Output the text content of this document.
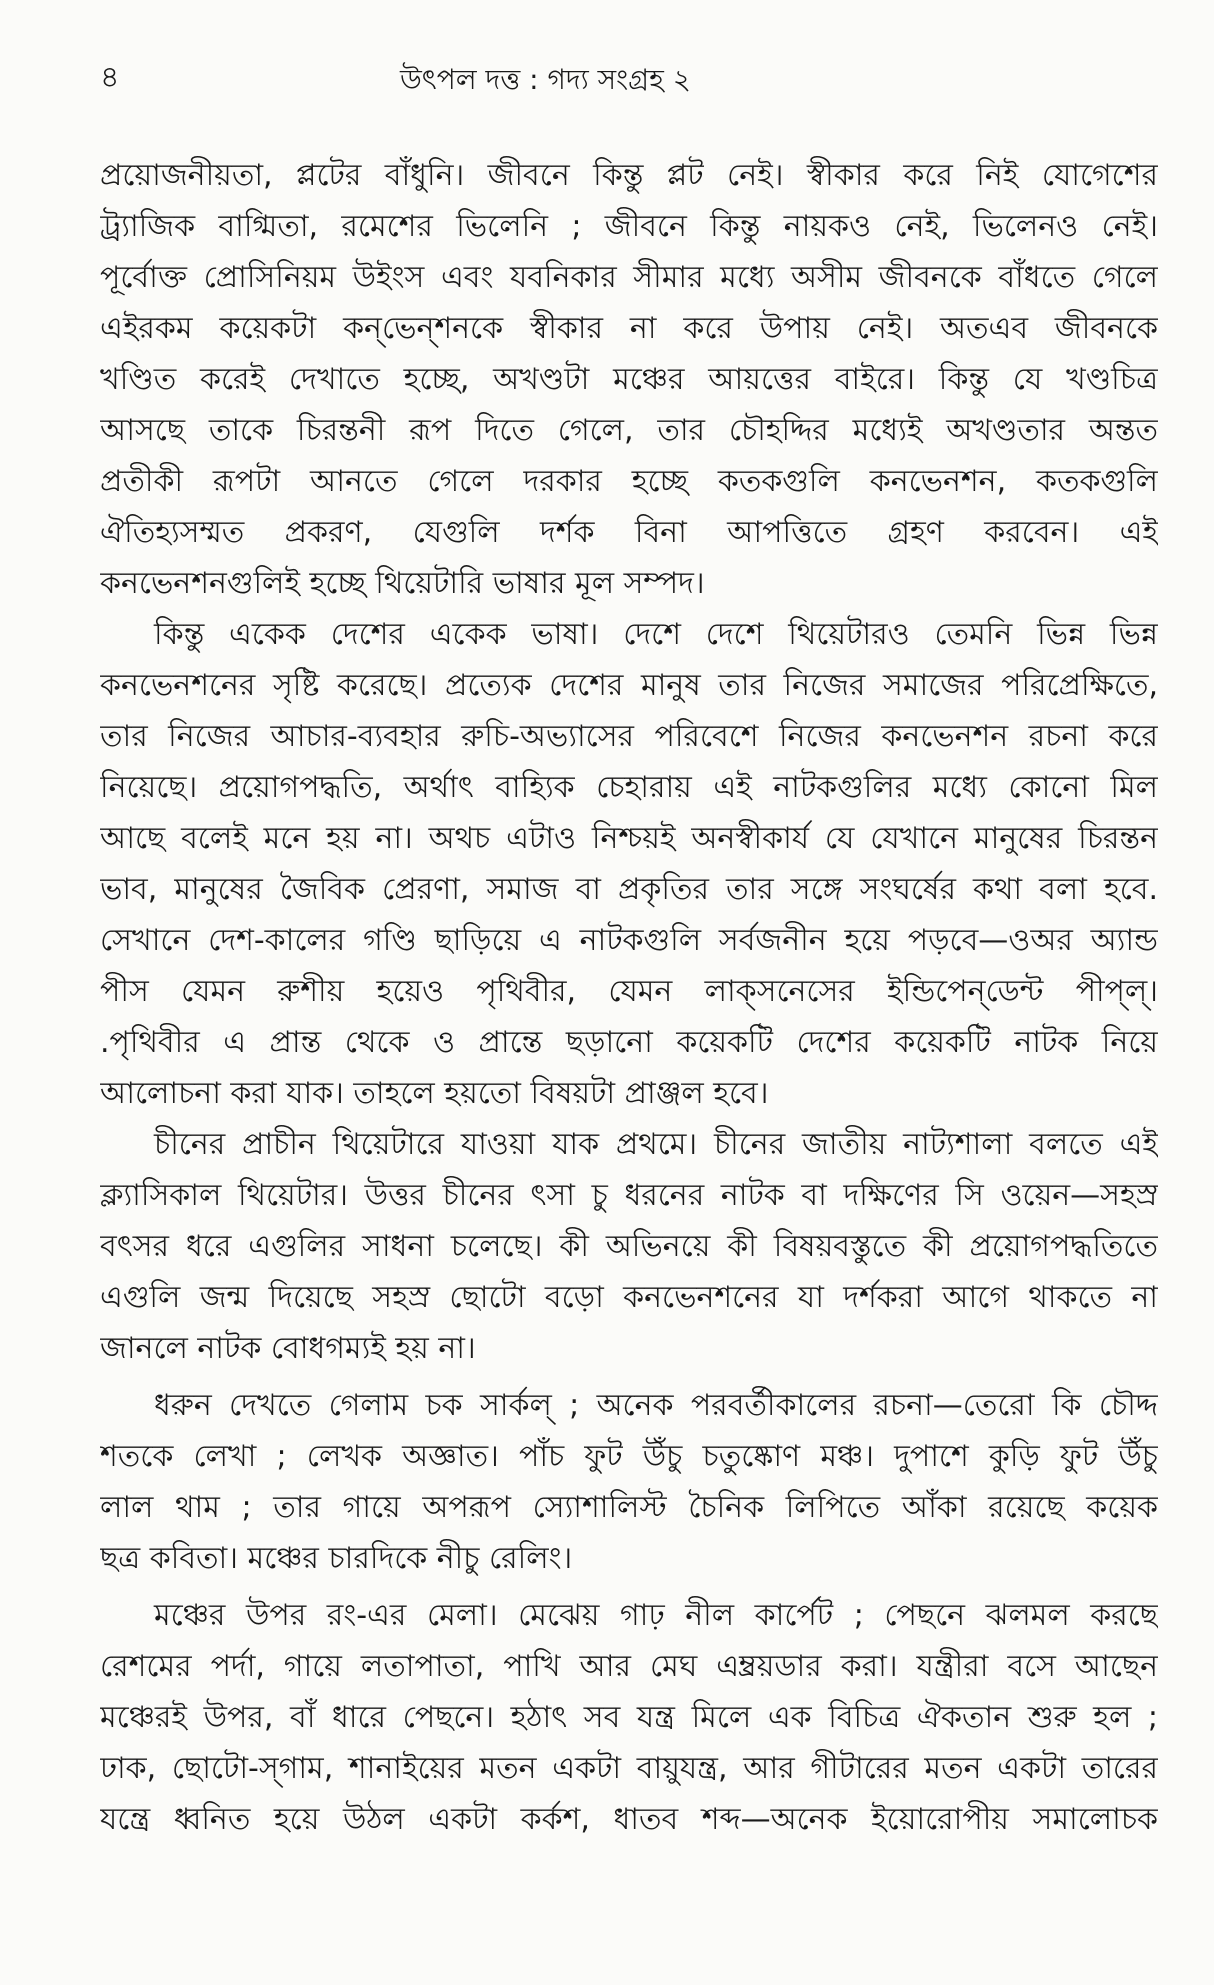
৪	উৎপল দত্ত : গদ্য সংগ্রহ ২
প্রয়োজনীয়তা, প্লটের বাঁধুনি। জীবনে কিন্তু প্লট নেই। স্বীকার করে নিই যোগেশের
ট্র্যাজিক বাগ্মিতা, রমেশের ভিলেনি ; জীবনে কিন্তু নায়কও নেই, ভিলেনও নেই।
পূর্বোক্ত প্রোসিনিয়ম উইংস এবং যবনিকার সীমার মধ্যে অসীম জীবনকে বাঁধতে গেলে
এইরকম কয়েকটা কন্‌ভেন্‌শনকে স্বীকার না করে উপায় নেই। অতএব জীবনকে
খণ্ডিত করেই দেখাতে হচ্ছে, অখণ্ডটা মঞ্চের আয়ত্তের বাইরে। কিন্তু যে খণ্ডচিত্র
আসছে তাকে চিরন্তনী রূপ দিতে গেলে, তার চৌহদ্দির মধ্যেই অখণ্ডতার অন্তত
প্রতীকী রূপটা আনতে গেলে দরকার হচ্ছে কতকগুলি কনভেনশন, কতকগুলি
ঐতিহ্যসম্মত প্রকরণ, যেগুলি দর্শক বিনা আপত্তিতে গ্রহণ করবেন। এই
কনভেনশনগুলিই হচ্ছে থিয়েটারি ভাষার মূল সম্পদ।
কিন্তু একেক দেশের একেক ভাষা। দেশে দেশে থিয়েটারও তেমনি ভিন্ন ভিন্ন
কনভেনশনের সৃষ্টি করেছে। প্রত্যেক দেশের মানুষ তার নিজের সমাজের পরিপ্রেক্ষিতে,
তার নিজের আচার-ব্যবহার রুচি-অভ্যাসের পরিবেশে নিজের কনভেনশন রচনা করে
নিয়েছে। প্রয়োগপদ্ধতি, অর্থাৎ বাহ্যিক চেহারায় এই নাটকগুলির মধ্যে কোনো মিল
আছে বলেই মনে হয় না। অথচ এটাও নিশ্চয়ই অনস্বীকার্য যে যেখানে মানুষের চিরন্তন
ভাব, মানুষের জৈবিক প্রেরণা, সমাজ বা প্রকৃতির তার সঙ্গে সংঘর্ষের কথা বলা হবে.
সেখানে দেশ-কালের গণ্ডি ছাড়িয়ে এ নাটকগুলি সর্বজনীন হয়ে পড়বে—ওঅর অ্যান্ড
পীস যেমন রুশীয় হয়েও পৃথিবীর, যেমন লাক্‌সনেসের ইন্ডিপেন্‌ডেন্ট পীপ্‌ল্‌।
.পৃথিবীর এ প্রান্ত থেকে ও প্রান্তে ছড়ানো কয়েকটি দেশের কয়েকটি নাটক নিয়ে
আলোচনা করা যাক। তাহলে হয়তো বিষয়টা প্রাঞ্জল হবে।
চীনের প্রাচীন থিয়েটারে যাওয়া যাক প্রথমে। চীনের জাতীয় নাট্যশালা বলতে এই
ক্ল্যাসিকাল থিয়েটার। উত্তর চীনের ৎসা চু ধরনের নাটক বা দক্ষিণের সি ওয়েন—সহস্র
বৎসর ধরে এগুলির সাধনা চলেছে। কী অভিনয়ে কী বিষয়বস্তুতে কী প্রয়োগপদ্ধতিতে
এগুলি জন্ম দিয়েছে সহস্র ছোটো বড়ো কনভেনশনের যা দর্শকরা আগে থাকতে না
জানলে নাটক বোধগম্যই হয় না।
ধরুন দেখতে গেলাম চক সার্কল্‌ ; অনেক পরবর্তীকালের রচনা—তেরো কি চৌদ্দ
শতকে লেখা ; লেখক অজ্ঞাত। পাঁচ ফুট উঁচু চতুষ্কোণ মঞ্চ। দুপাশে কুড়ি ফুট উঁচু
লাল থাম ; তার গায়ে অপরূপ স্যোশালিস্ট চৈনিক লিপিতে আঁকা রয়েছে কয়েক
ছত্র কবিতা। মঞ্চের চারদিকে নীচু রেলিং।
মঞ্চের উপর রং-এর মেলা। মেঝেয় গাঢ় নীল কার্পেট ; পেছনে ঝলমল করছে
রেশমের পর্দা, গায়ে লতাপাতা, পাখি আর মেঘ এম্ব্রয়ডার করা। যন্ত্রীরা বসে আছেন
মঞ্চেরই উপর, বাঁ ধারে পেছনে। হঠাৎ সব যন্ত্র মিলে এক বিচিত্র ঐকতান শুরু হল ;
ঢাক, ছোটো-স্গাম, শানাইয়ের মতন একটা বায়ুযন্ত্র, আর গীটারের মতন একটা তারের
যন্ত্রে ধ্বনিত হয়ে উঠল একটা কর্কশ, ধাতব শব্দ—অনেক ইয়োরোপীয় সমালোচক
